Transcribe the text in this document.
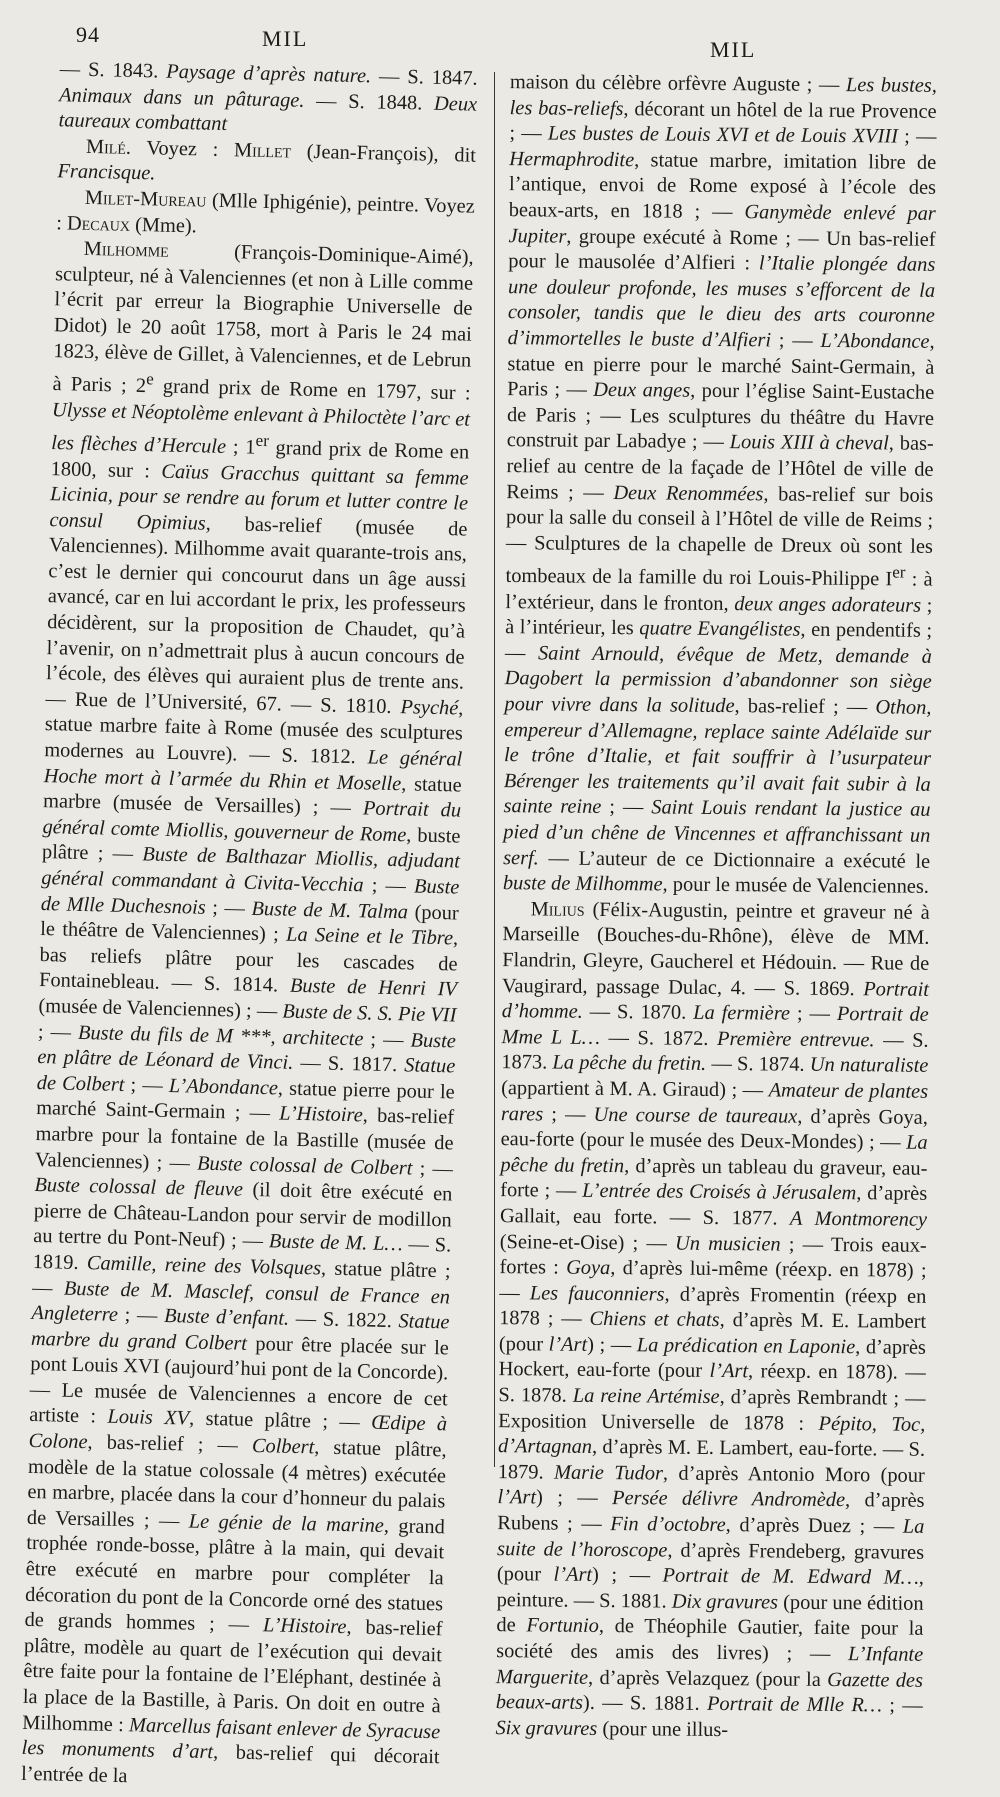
94	MIL	MIL

— S. 1843. Paysage d’après nature. — S. 1847. Animaux dans un pâturage. — S. 1848. Deux taureaux combattant

Milé. Voyez : Millet (Jean-François), dit Francisque.

Milet-Mureau (Mlle Iphigénie), peintre. Voyez : Decaux (Mme).

Milhomme (François-Dominique-Aimé), sculpteur, né à Valenciennes (et non à Lille comme l’écrit par erreur la Biographie Universelle de Didot) le 20 août 1758, mort à Paris le 24 mai 1823, élève de Gillet, à Valenciennes, et de Lebrun à Paris ; 2e grand prix de Rome en 1797, sur : Ulysse et Néoptolème enlevant à Philoctète l’arc et les flèches d’Hercule ; 1er grand prix de Rome en 1800, sur : Caïus Gracchus quittant sa femme Licinia, pour se rendre au forum et lutter contre le consul Opimius, bas-relief (musée de Valenciennes). Milhomme avait quarante-trois ans, c’est le dernier qui concourut dans un âge aussi avancé, car en lui accordant le prix, les professeurs décidèrent, sur la proposition de Chaudet, qu’à l’avenir, on n’admettrait plus à aucun concours de l’école, des élèves qui auraient plus de trente ans. — Rue de l’Université, 67. — S. 1810. Psyché, statue marbre faite à Rome (musée des sculptures modernes au Louvre). — S. 1812. Le général Hoche mort à l’armée du Rhin et Moselle, statue marbre (musée de Versailles) ; — Portrait du général comte Miollis, gouverneur de Rome, buste plâtre ; — Buste de Balthazar Miollis, adjudant général commandant à Civita-Vecchia ; — Buste de Mlle Duchesnois ; — Buste de M. Talma (pour le théâtre de Valenciennes) ; La Seine et le Tibre, bas reliefs plâtre pour les cascades de Fontainebleau. — S. 1814. Buste de Henri IV (musée de Valenciennes) ; — Buste de S. S. Pie VII ; — Buste du fils de M ***, architecte ; — Buste en plâtre de Léonard de Vinci. — S. 1817. Statue de Colbert ; — L’Abondance, statue pierre pour le marché Saint-Germain ; — L’Histoire, bas-relief marbre pour la fontaine de la Bastille (musée de Valenciennes) ; — Buste colossal de Colbert ; — Buste colossal de fleuve (il doit être exécuté en pierre de Château-Landon pour servir de modillon au tertre du Pont-Neuf) ; — Buste de M. L… — S. 1819. Camille, reine des Volsques, statue plâtre ; — Buste de M. Masclef, consul de France en Angleterre ; — Buste d’enfant. — S. 1822. Statue marbre du grand Colbert pour être placée sur le pont Louis XVI (aujourd’hui pont de la Concorde). — Le musée de Valenciennes a encore de cet artiste : Louis XV, statue plâtre ; — Œdipe à Colone, bas-relief ; — Colbert, statue plâtre, modèle de la statue colossale (4 mètres) exécutée en marbre, placée dans la cour d’honneur du palais de Versailles ; — Le génie de la marine, grand trophée ronde-bosse, plâtre à la main, qui devait être exécuté en marbre pour compléter la décoration du pont de la Concorde orné des statues de grands hommes ; — L’Histoire, bas-relief plâtre, modèle au quart de l’exécution qui devait être faite pour la fontaine de l’Eléphant, destinée à la place de la Bastille, à Paris. On doit en outre à Milhomme : Marcellus faisant enlever de Syracuse les monuments d’art, bas-relief qui décorait l’entrée de la

maison du célèbre orfèvre Auguste ; — Les bustes, les bas-reliefs, décorant un hôtel de la rue Provence ; — Les bustes de Louis XVI et de Louis XVIII ; — Hermaphrodite, statue marbre, imitation libre de l’antique, envoi de Rome exposé à l’école des beaux-arts, en 1818 ; — Ganymède enlevé par Jupiter, groupe exécuté à Rome ; — Un bas-relief pour le mausolée d’Alfieri : l’Italie plongée dans une douleur profonde, les muses s’efforcent de la consoler, tandis que le dieu des arts couronne d’immortelles le buste d’Alfieri ; — L’Abondance, statue en pierre pour le marché Saint-Germain, à Paris ; — Deux anges, pour l’église Saint-Eustache de Paris ; — Les sculptures du théâtre du Havre construit par Labadye ; — Louis XIII à cheval, bas-relief au centre de la façade de l’Hôtel de ville de Reims ; — Deux Renommées, bas-relief sur bois pour la salle du conseil à l’Hôtel de ville de Reims ; — Sculptures de la chapelle de Dreux où sont les tombeaux de la famille du roi Louis-Philippe Ier : à l’extérieur, dans le fronton, deux anges adorateurs ; à l’intérieur, les quatre Evangélistes, en pendentifs ; — Saint Arnould, évêque de Metz, demande à Dagobert la permission d’abandonner son siège pour vivre dans la solitude, bas-relief ; — Othon, empereur d’Allemagne, replace sainte Adélaïde sur le trône d’Italie, et fait souffrir à l’usurpateur Bérenger les traitements qu’il avait fait subir à la sainte reine ; — Saint Louis rendant la justice au pied d’un chêne de Vincennes et affranchissant un serf. — L’auteur de ce Dictionnaire a exécuté le buste de Milhomme, pour le musée de Valenciennes.

Milius (Félix-Augustin, peintre et graveur né à Marseille (Bouches-du-Rhône), élève de MM. Flandrin, Gleyre, Gaucherel et Hédouin. — Rue de Vaugirard, passage Dulac, 4. — S. 1869. Portrait d’homme. — S. 1870. La fermière ; — Portrait de Mme L L… — S. 1872. Première entrevue. — S. 1873. La pêche du fretin. — S. 1874. Un naturaliste (appartient à M. A. Giraud) ; — Amateur de plantes rares ; — Une course de taureaux, d’après Goya, eau-forte (pour le musée des Deux-Mondes) ; — La pêche du fretin, d’après un tableau du graveur, eau-forte ; — L’entrée des Croisés à Jérusalem, d’après Gallait, eau forte. — S. 1877. A Montmorency (Seine-et-Oise) ; — Un musicien ; — Trois eaux-fortes : Goya, d’après lui-même (réexp. en 1878) ; — Les fauconniers, d’après Fromentin (réexp en 1878 ; — Chiens et chats, d’après M. E. Lambert (pour l’Art) ; — La prédication en Laponie, d’après Hockert, eau-forte (pour l’Art, réexp. en 1878). — S. 1878. La reine Artémise, d’après Rembrandt ; — Exposition Universelle de 1878 : Pépito, Toc, d’Artagnan, d’après M. E. Lambert, eau-forte. — S. 1879. Marie Tudor, d’après Antonio Moro (pour l’Art) ; — Persée délivre Andromède, d’après Rubens ; — Fin d’octobre, d’après Duez ; — La suite de l’horoscope, d’après Frendeberg, gravures (pour l’Art) ; — Portrait de M. Edward M…, peinture. — S. 1881. Dix gravures (pour une édition de Fortunio, de Théophile Gautier, faite pour la société des amis des livres) ; — L’Infante Marguerite, d’après Velazquez (pour la Gazette des beaux-arts). — S. 1881. Portrait de Mlle R… ; — Six gravures (pour une illus-
